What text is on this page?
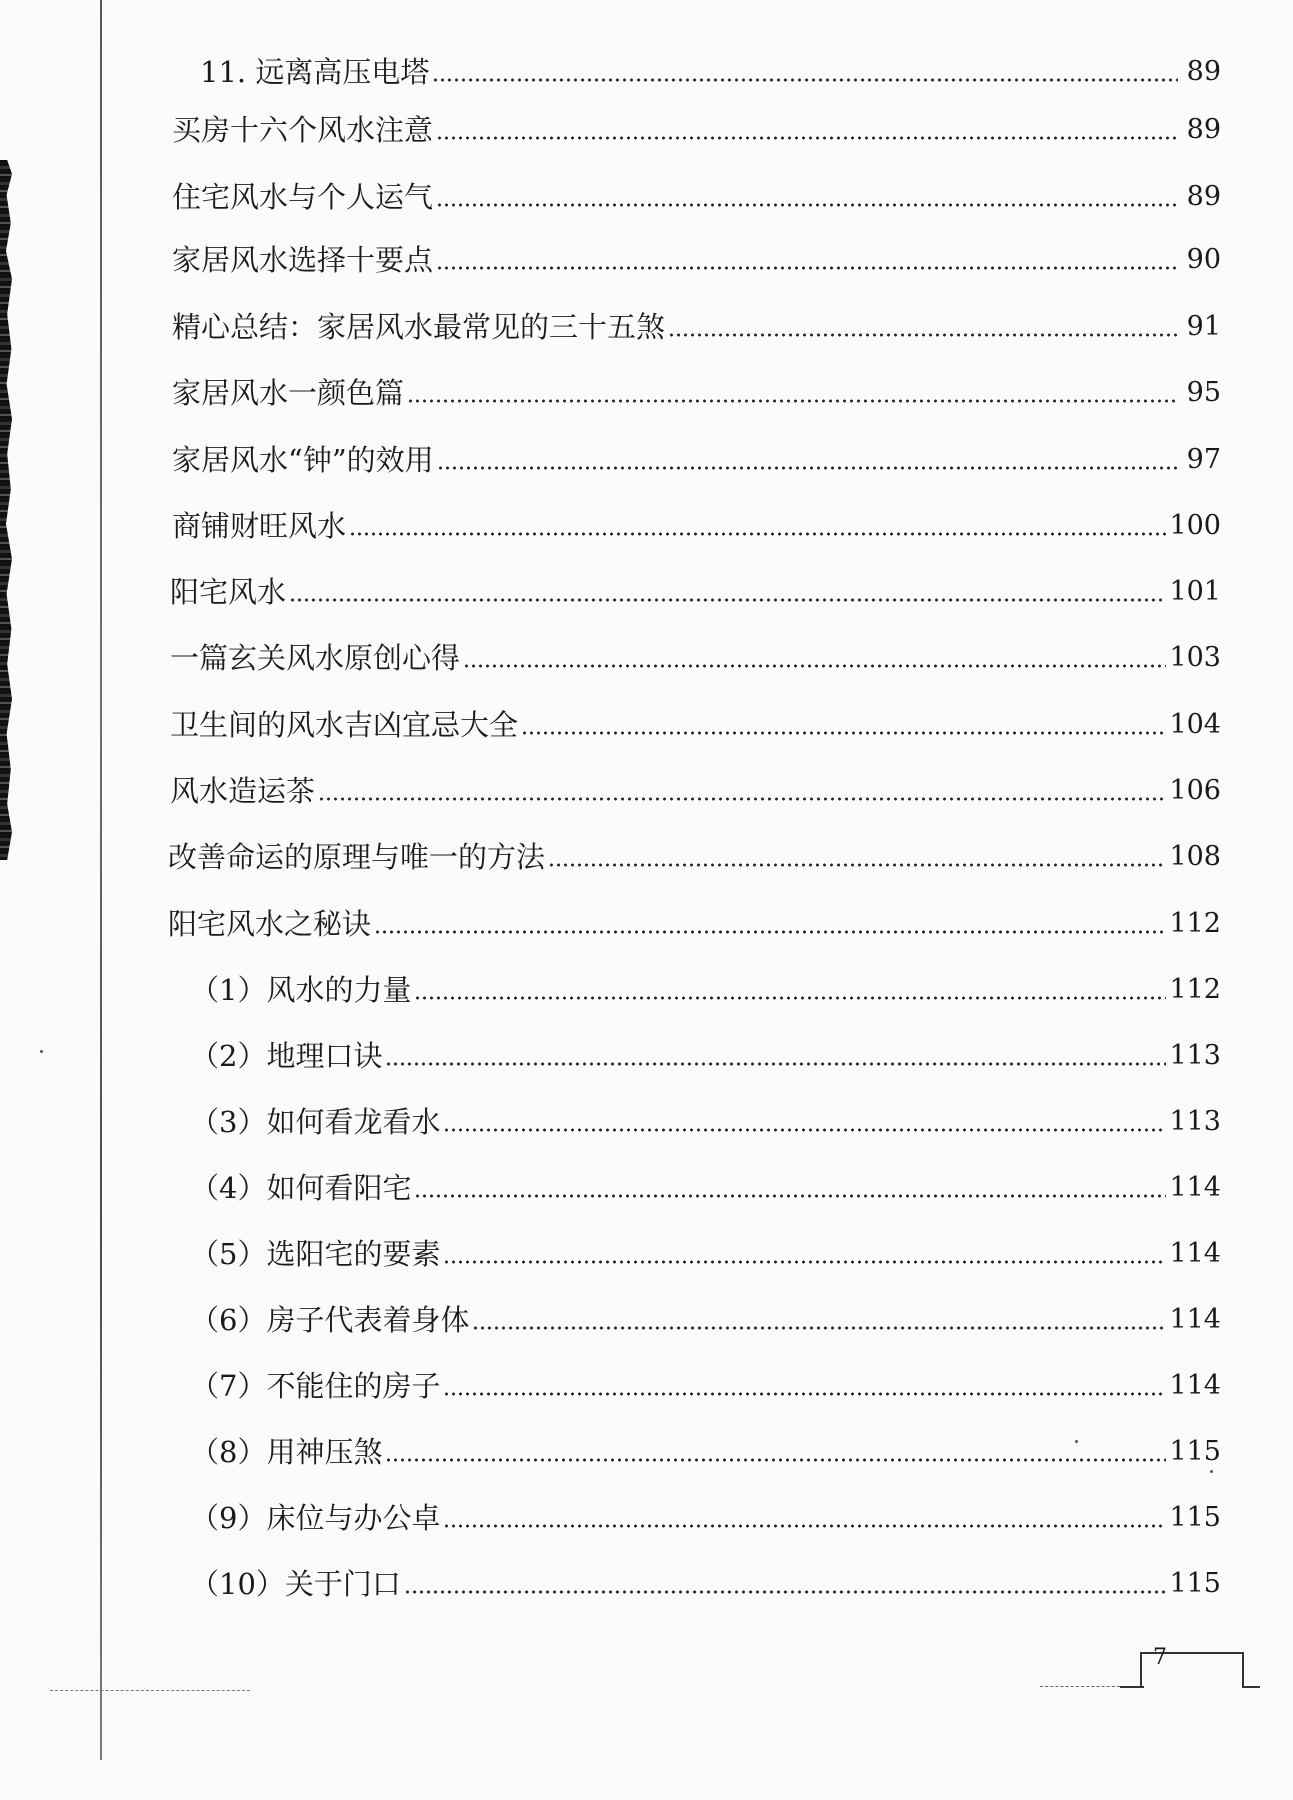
11. 远离高压电塔	89
买房十六个风水注意	89
住宅风水与个人运气	89
家居风水选择十要点	90
精心总结：家居风水最常见的三十五煞	91
家居风水一颜色篇	95
家居风水“钟”的效用	97
商铺财旺风水	100
阳宅风水	101
一篇玄关风水原创心得	103
卫生间的风水吉凶宜忌大全	104
风水造运茶	106
改善命运的原理与唯一的方法	108
阳宅风水之秘诀	112
（1）风水的力量	112
（2）地理口诀	113
（3）如何看龙看水	113
（4）如何看阳宅	114
（5）选阳宅的要素	114
（6）房子代表着身体	114
（7）不能住的房子	114
（8）用神压煞	115
（9）床位与办公卓	115
（10）关于门口	115
7
